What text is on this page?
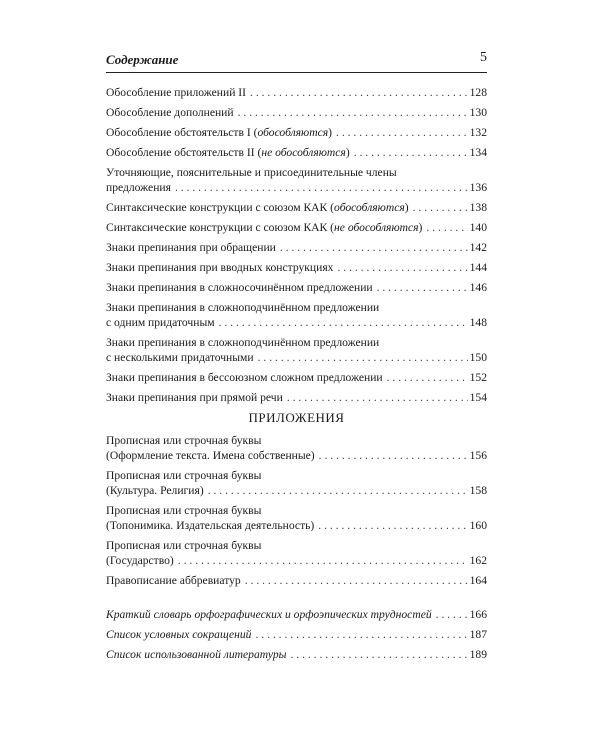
Содержание	5
Обособление приложений II . . .	128
Обособление дополнений . . .	130
Обособление обстоятельств I (обособляются) . . .	132
Обособление обстоятельств II (не обособляются) . . .	134
Уточняющие, пояснительные и присоединительные члены
предложения . . .	136
Синтаксические конструкции с союзом КАК (обособляются) . . .	138
Синтаксические конструкции с союзом КАК (не обособляются) . . .	140
Знаки препинания при обращении . . .	142
Знаки препинания при вводных конструкциях . . .	144
Знаки препинания в сложносочинённом предложении . . .	146
Знаки препинания в сложноподчинённом предложении
с одним придаточным . . .	148
Знаки препинания в сложноподчинённом предложении
с несколькими придаточными . . .	150
Знаки препинания в бессоюзном сложном предложении . . .	152
Знаки препинания при прямой речи . . .	154
ПРИЛОЖЕНИЯ
Прописная или строчная буквы
(Оформление текста. Имена собственные) . . .	156
Прописная или строчная буквы
(Культура. Религия) . . .	158
Прописная или строчная буквы
(Топонимика. Издательская деятельность) . . .	160
Прописная или строчная буквы
(Государство) . . .	162
Правописание аббревиатур . . .	164
Краткий словарь орфографических и орфоэпических трудностей . . .	166
Список условных сокращений . . .	187
Список использованной литературы . . .	189
